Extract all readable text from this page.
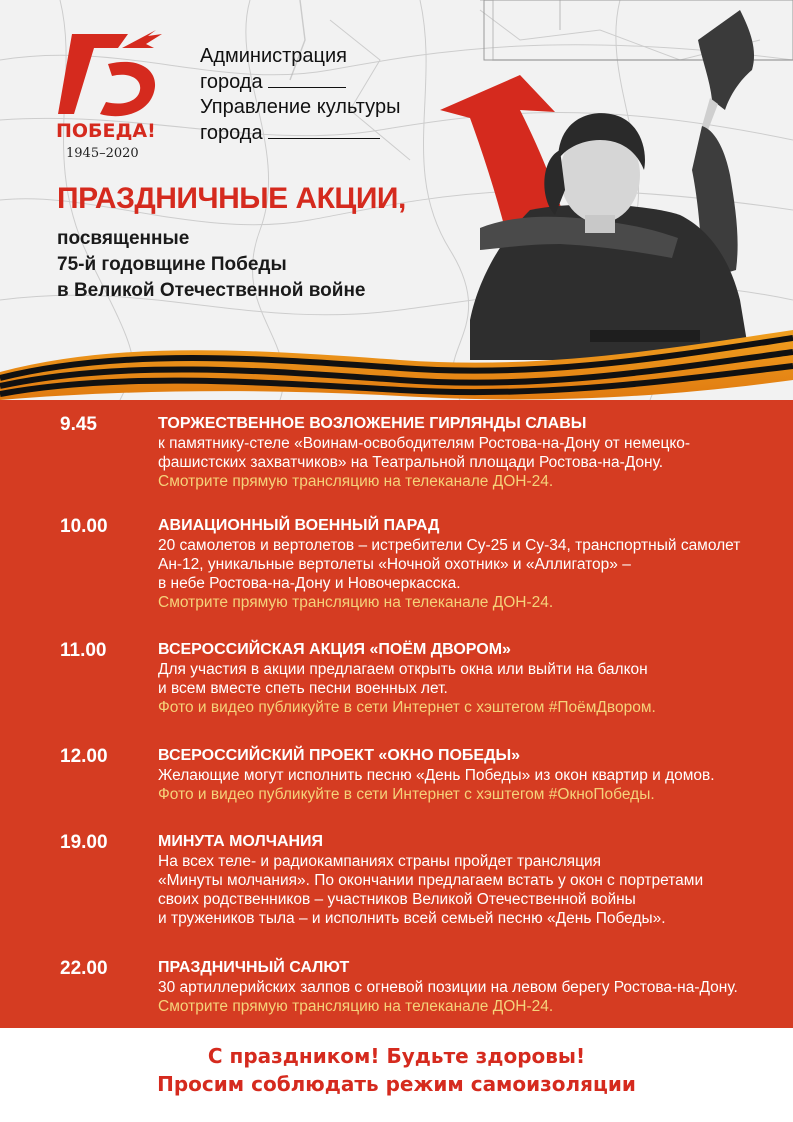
ПОБЕДА!
1945–2020
Администрация
города
Управление культуры
города
ПРАЗДНИЧНЫЕ АКЦИИ,
посвященные
75-й годовщине Победы
в Великой Отечественной войне
9.45	ТОРЖЕСТВЕННОЕ ВОЗЛОЖЕНИЕ ГИРЛЯНДЫ СЛАВЫ
к памятнику-стеле «Воинам-освободителям Ростова-на-Дону от немецко-
фашистских захватчиков» на Театральной площади Ростова-на-Дону.
Смотрите прямую трансляцию на телеканале ДОН-24.
10.00	АВИАЦИОННЫЙ ВОЕННЫЙ ПАРАД
20 самолетов и вертолетов – истребители Су-25 и Су-34, транспортный самолет
Ан-12, уникальные вертолеты «Ночной охотник» и «Аллигатор» –
в небе Ростова-на-Дону и Новочеркасска.
Смотрите прямую трансляцию на телеканале ДОН-24.
11.00	ВСЕРОССИЙСКАЯ АКЦИЯ «ПОЁМ ДВОРОМ»
Для участия в акции предлагаем открыть окна или выйти на балкон
и всем вместе спеть песни военных лет.
Фото и видео публикуйте в сети Интернет с хэштегом #ПоёмДвором.
12.00	ВСЕРОССИЙСКИЙ ПРОЕКТ «ОКНО ПОБЕДЫ»
Желающие могут исполнить песню «День Победы» из окон квартир и домов.
Фото и видео публикуйте в сети Интернет с хэштегом #ОкноПобеды.
19.00	МИНУТА МОЛЧАНИЯ
На всех теле- и радиокампаниях страны пройдет трансляция
«Минуты молчания». По окончании предлагаем встать у окон с портретами
своих родственников – участников Великой Отечественной войны
и тружеников тыла – и исполнить всей семьей песню «День Победы».
22.00	ПРАЗДНИЧНЫЙ САЛЮТ
30 артиллерийских залпов с огневой позиции на левом берегу Ростова-на-Дону.
Смотрите прямую трансляцию на телеканале ДОН-24.
С праздником! Будьте здоровы!
Просим соблюдать режим самоизоляции
